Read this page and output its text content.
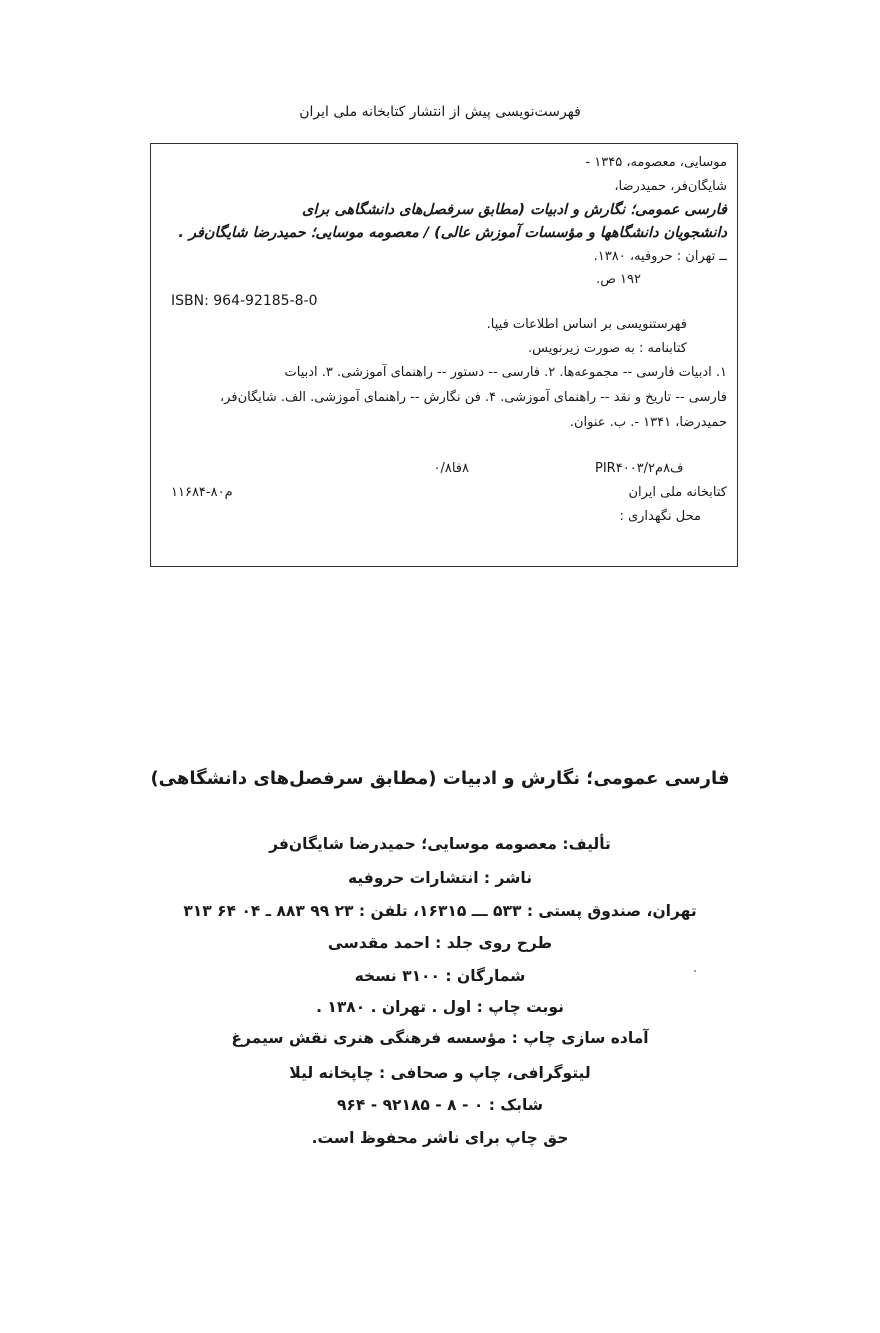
فهرست‌نویسی پیش از انتشار کتابخانه ملی ایران
موسایی، معصومه، ۱۳۴۵ -
شایگان‌فر، حمیدرضا،
فارسی عمومی؛ نگارش و ادبیات (مطابق سرفصل‌های دانشگاهی برای
دانشجویان دانشگاهها و مؤسسات آموزش عالی) / معصومه موسایی؛ حمیدرضا شایگان‌فر .
ــ تهران : حروفیه، ۱۳۸۰.
۱۹۲ ص.
ISBN: 964-92185-8-0
فهرستنویسی بر اساس اطلاعات فیپا.
کتابنامه : به صورت زیرنویس.
۱. ادبیات فارسی -- مجموعه‌ها. ۲. فارسی -- دستور -- راهنمای آموزشی. ۳. ادبیات
فارسی -- تاریخ و نقد -- راهنمای آموزشی. ۴. فن نگارش -- راهنمای آموزشی. الف. شایگان‌فر،
حمیدرضا، ۱۳۴۱ -. ب. عنوان.
PIR۴۰۰۳/ف۸م۲
۸فا۰/۸
کتابخانه ملی ایران
م۸۰-۱۱۶۸۴
محل نگهداری :
فارسی عمومی؛ نگارش و ادبیات (مطابق سرفصل‌های دانشگاهی)
تألیف: معصومه موسایی؛ حمیدرضا شایگان‌فر
ناشر : انتشارات حروفیه
تهران، صندوق پستی : ۵۳۳ ـــ ۱۶۳۱۵، تلفن : ۲۳ ۹۹ ۸۸۳ ـ ۰۴ ۶۴ ۳۱۳
طرح روی جلد : احمد مقدسی
شمارگان : ۳۱۰۰ نسخه
نوبت چاپ : اول . تهران . ۱۳۸۰ .
آماده سازی چاپ : مؤسسه فرهنگی هنری نقش سیمرغ
لیتوگرافی، چاپ و صحافی : چاپخانه لیلا
شابک : ۰ - ۸ - ۹۲۱۸۵ - ۹۶۴
حق چاپ برای ناشر محفوظ است.
